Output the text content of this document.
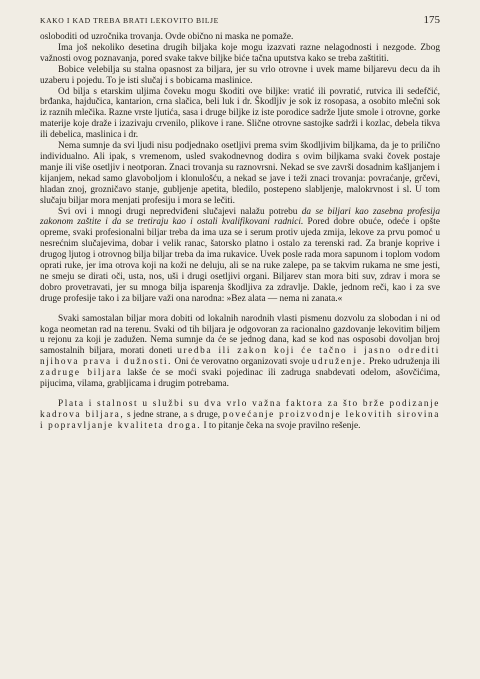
KAKO I KAD TREBA BRATI LEKOVITO BILJE	175

osloboditi od uzročnika trovanja. Ovde obično ni maska ne pomaže.

Ima još nekoliko desetina drugih biljaka koje mogu izazvati razne nelagodnosti i nezgode. Zbog važnosti ovog poznavanja, pored svake takve biljke biće tačna uputstva kako se treba zaštititi.

Bobice velebilja su stalna opasnost za biljara, jer su vrlo otrovne i uvek mame biljarevu decu da ih uzaberu i pojedu. To je isti slučaj i s bobicama maslinice.

Od bilja s etarskim uljima čoveku mogu škoditi ove biljke: vratić ili povratić, rutvica ili sedefčić, brđanka, hajdučica, kantarion, crna slačica, beli luk i dr. Škodljiv je sok iz rosopasa, a osobito mlečni sok iz raznih mlečika. Razne vrste ljutića, sasa i druge biljke iz iste porodice sadrže ljute smole i otrovne, gorke materije koje draže i izazivaju crvenilo, plikove i rane. Slične otrovne sastojke sadrži i kozlac, debela tikva ili debelica, maslinica i dr.

Nema sumnje da svi ljudi nisu podjednako osetljivi prema svim škodljivim biljkama, da je to prilično individualno. Ali ipak, s vremenom, usled svakodnevnog dodira s ovim biljkama svaki čovek postaje manje ili više osetljiv i neotporan. Znaci trovanja su raznovrsni. Nekad se sve završi dosadnim kašljanjem i kijanjem, nekad samo glavoboljom i klonulošću, a nekad se jave i teži znaci trovanja: povraćanje, grčevi, hladan znoj, grozničavo stanje, gubljenje apetita, bledilo, postepeno slabljenje, malokrvnost i sl. U tom slučaju biljar mora menjati profesiju i mora se lečiti.

Svi ovi i mnogi drugi nepredviđeni slučajevi nalažu potrebu da se biljari kao zasebna profesija zakonom zaštite i da se tretiraju kao i ostali kvalifikovani radnici. Pored dobre obuće, odeće i opšte opreme, svaki profesionalni biljar treba da ima uza se i serum protiv ujeda zmija, lekove za prvu pomoć u nesrećnim slučajevima, dobar i velik ranac, šatorsko platno i ostalo za terenski rad. Za branje koprive i drugog ljutog i otrovnog bilja biljar treba da ima rukavice. Uvek posle rada mora sapunom i toplom vodom oprati ruke, jer ima otrova koji na koži ne deluju, ali se na ruke zalepe, pa se takvim rukama ne sme jesti, ne smeju se dirati oči, usta, nos, uši i drugi osetljivi organi. Biljarev stan mora biti suv, zdrav i mora se dobro provetravati, jer su mnoga bilja isparenja škodljiva za zdravlje. Dakle, jednom reči, kao i za sve druge profesije tako i za biljare važi ona narodna: »Bez alata — nema ni zanata.«

Svaki samostalan biljar mora dobiti od lokalnih narodnih vlasti pismenu dozvolu za slobodan i ni od koga neometan rad na terenu. Svaki od tih biljara je odgovoran za racionalno gazdovanje lekovitim biljem u rejonu za koji je zadužen. Nema sumnje da će se jednog dana, kad se kod nas osposobi dovoljan broj samostalnih biljara, morati doneti uredba ili zakon koji će tačno i jasno odrediti njihova prava i dužnosti. Oni će verovatno organizovati svoje udruženje. Preko udruženja ili zadruge biljara lakše će se moći svaki pojedinac ili zadruga snabdevati odelom, ašovčićima, pijucima, vilama, grabljicama i drugim potrebama.

Plata i stalnost u službi su dva vrlo važna faktora za što brže podizanje kadrova biljara, s jedne strane, a s druge, povećanje proizvodnje lekovitih sirovina i popravljanje kvaliteta droga. I to pitanje čeka na svoje pravilno rešenje.
